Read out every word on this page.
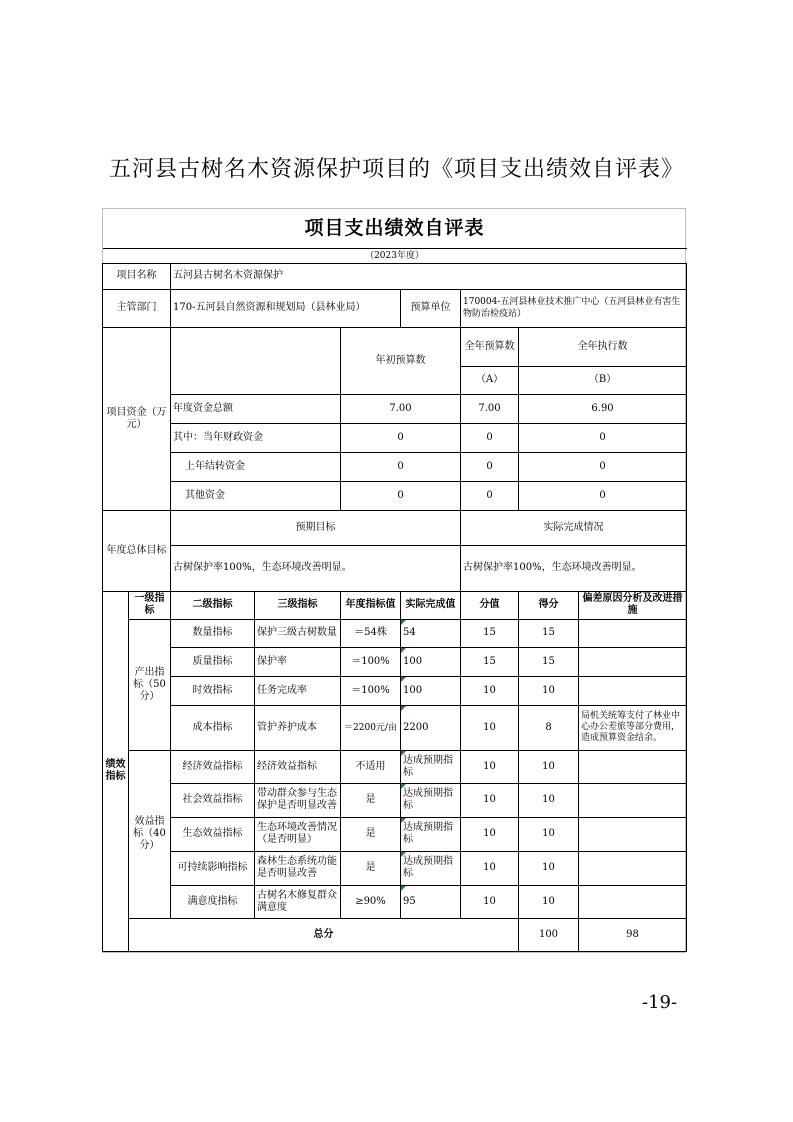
五河县古树名木资源保护项目的《项目支出绩效自评表》
项目支出绩效自评表									
（2023年度）									
项目名称		五河县古树名木资源保护							
主管部门		170-五河县自然资源和规划局（县林业局）			预算单位	170004-五河县林业技术推广中心（五河县林业有害生物防治检疫站）			
项目资金（万元）				年初预算数		全年预算数	全年执行数	
						（A）	（B）	
		年度资金总额		7.00		7.00	6.90	
		其中：当年财政资金		0		0	0	
		上年结转资金		0		0	0	
		其他资金		0		0	0	
年度总体目标		预期目标				实际完成情况			
		古树保护率100%，生态环境改善明显。				古树保护率100%，生态环境改善明显。			
绩效指标	一级指标	二级指标	三级指标	年度指标值	实际完成值	分值	得分	偏差原因分析及改进措施	
	产出指标（50分）	数量指标	保护三级古树数量	＝54株	54	15	15		
		质量指标	保护率	＝100%	100	15	15		
		时效指标	任务完成率	＝100%	100	10	10		
		成本指标	管护养护成本	＝2200元/亩	2200	10	8	局机关统筹支付了林业中心办公差旅等部分费用，造成预算资金结余。	
	效益指标（40分）	经济效益指标	经济效益指标	不适用	达成预期指标	10	10		
		社会效益指标	带动群众参与生态保护是否明显改善	是	达成预期指标	10	10		
		生态效益指标	生态环境改善情况（是否明显）	是	达成预期指标	10	10		
		可持续影响指标	森林生态系统功能是否明显改善	是	达成预期指标	10	10		
		满意度指标	古树名木修复群众满意度	≥90%	95	10	10		
	总分						100	98	
-19-
